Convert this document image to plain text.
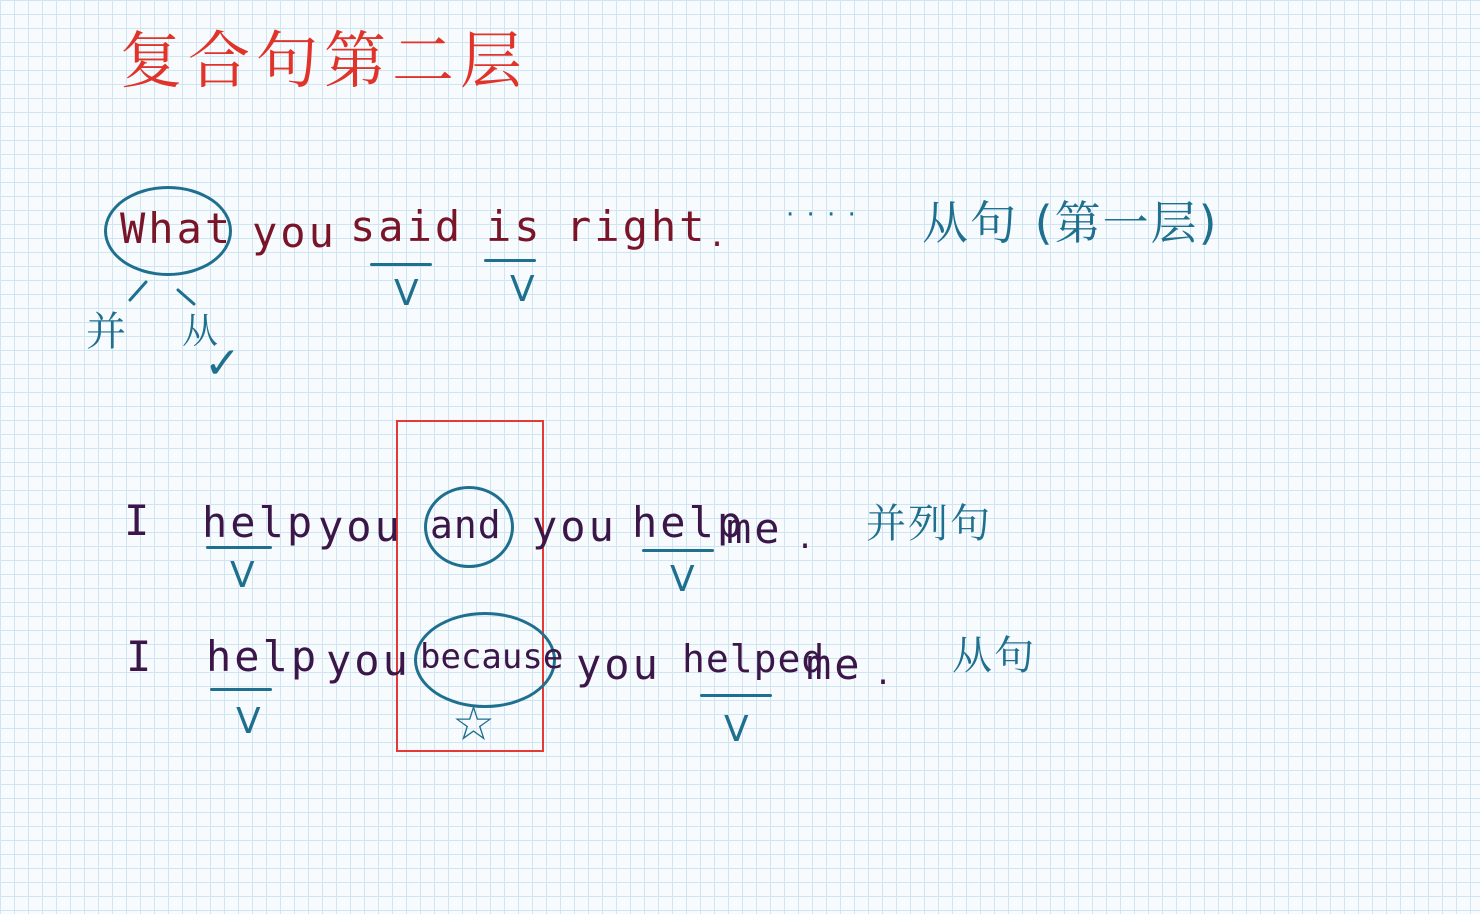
复合句第二层
What you said is right .
V	V
· · · · 从句 (第一层)
并 从
✓
I help you and you help
me .
V	V
并列句
I help you because you helped
me .
V	V
☆
从句
